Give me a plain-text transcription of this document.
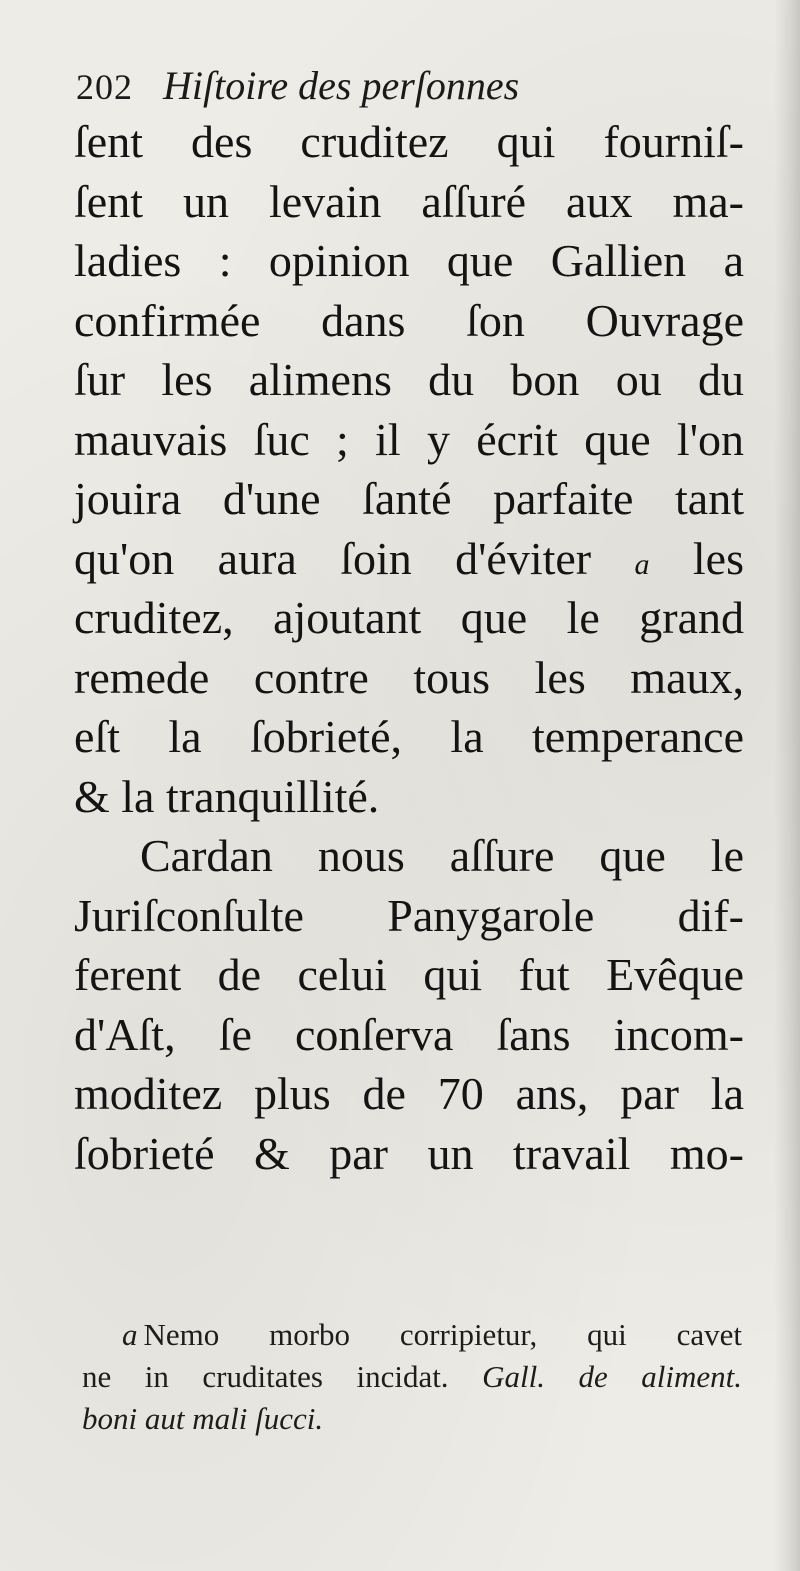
202 Hiſtoire des perſonnes
ſent des cruditez qui fourniſ-
ſent un levain aſſuré aux ma-
ladies : opinion que Gallien a
confirmée dans ſon Ouvrage
ſur les alimens du bon ou du
mauvais ſuc ; il y écrit que l'on
jouira d'une ſanté parfaite tant
qu'on aura ſoin d'éviter a les
cruditez, ajoutant que le grand
remede contre tous les maux,
eſt la ſobrieté, la temperance
& la tranquillité.
Cardan nous aſſure que le
Juriſconſulte Panygarole dif-
ferent de celui qui fut Evêque
d'Aſt, ſe conſerva ſans incom-
moditez plus de 70 ans, par la
ſobrieté & par un travail mo-
a Nemo morbo corripietur, qui cavet
ne in cruditates incidat. Gall. de aliment.
boni aut mali ſucci.
